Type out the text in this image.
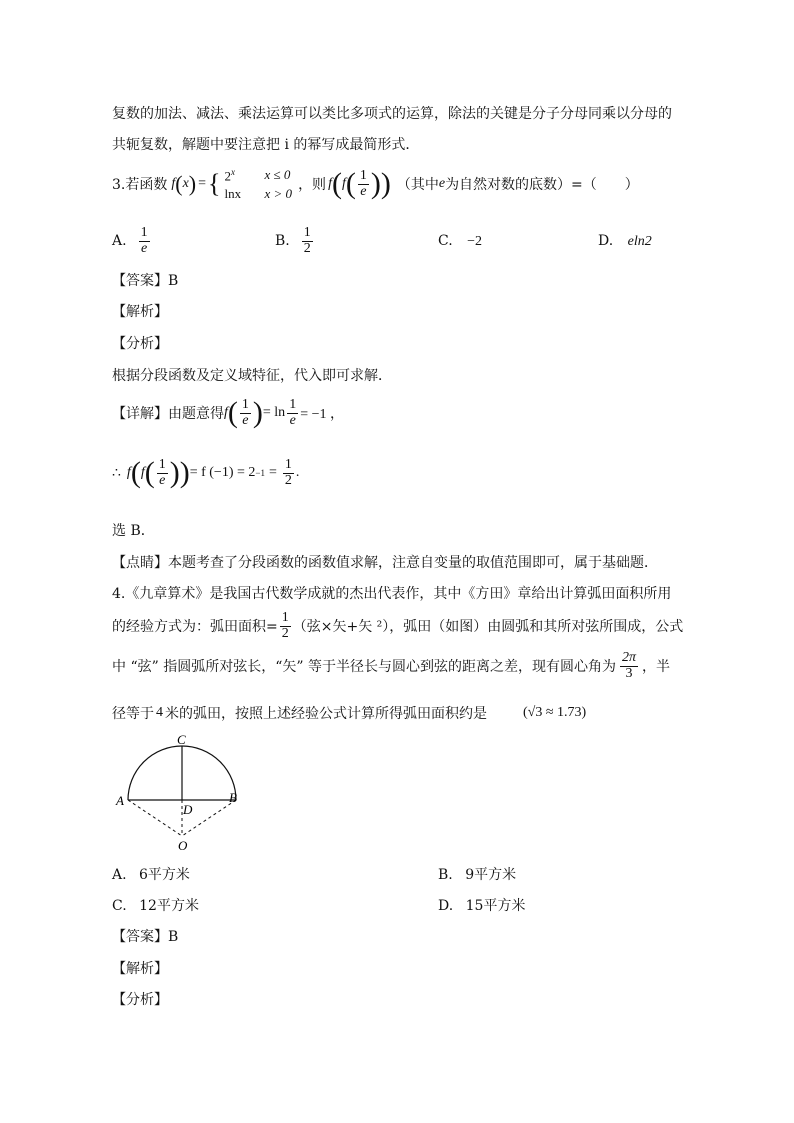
复数的加法、减法、乘法运算可以类比多项式的运算，除法的关键是分子分母同乘以分母的
共轭复数，解题中要注意把 i 的幂写成最简形式．
3.若函数 f ( x ) = { 2$^x$	x ≤ 0
lnx	x > 0
，则 f ( f ( $\frac{1}{e}$ ) ) （其中 e 为自然对数的底数）=（　　）
A. $\frac{1}{e}$	B. $\frac{1}{2}$	C. −2	D. eln2
【答案】B
【解析】
【分析】
根据分段函数及定义域特征，代入即可求解．
【详解】由题意得 f ( $\frac{1}{e}$ ) = $\ln \frac{1}{e} = -1$ ，
∴ f ( f ( $\frac{1}{e}$ ) ) = f $(-1) = 2 -1 = \frac{1}{2}$ .
选 B．
【点睛】本题考查了分段函数的函数值求解，注意自变量的取值范围即可，属于基础题．
4.《九章算术》是我国古代数学成就的杰出代表作，其中《方田》章给出计算弧田面积所用
的经验方式为：弧田面积= $\frac{1}{2}$ （弦×矢+矢 ²），弧田（如图）由圆弧和其所对弦所围成，公式
中 “弦” 指圆弧所对弦长，“矢” 等于半径长与圆心到弦的距离之差，现有圆心角为 $\frac{2\pi}{3}$ ，半
径等于 4 米的弧田，按照上述经验公式计算所得弧田面积约是	(√3 ≈ 1.73)
C
A	B
D
O
A. 6平方米	B. 9平方米
C. 12平方米	D. 15平方米
【答案】B
【解析】
【分析】
